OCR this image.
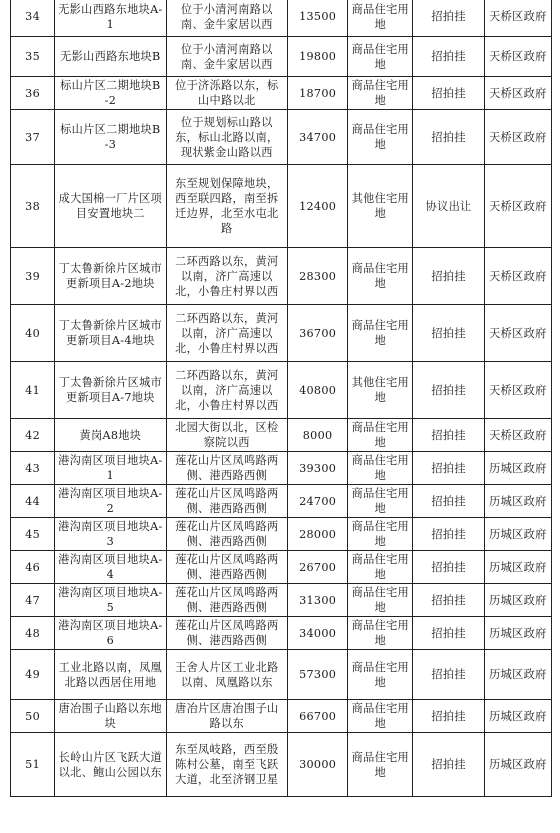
34	无影山西路东地块A-1	位于小清河南路以南、金牛家居以西	13500	商品住宅用地	招拍挂	天桥区政府
35	无影山西路东地块B	位于小清河南路以南、金牛家居以西	19800	商品住宅用地	招拍挂	天桥区政府
36	标山片区二期地块B-2	位于济泺路以东，标山中路以北	18700	商品住宅用地	招拍挂	天桥区政府
37	标山片区二期地块B-3	位于规划标山路以东，标山北路以南，现状紫金山路以西	34700	商品住宅用地	招拍挂	天桥区政府
38	成大国棉一厂片区项目安置地块二	东至规划保障地块，西至联四路，南至拆迁边界，北至水屯北路	12400	其他住宅用地	协议出让	天桥区政府
39	丁太鲁新徐片区城市更新项目A-2地块	二环西路以东，黄河以南，济广高速以北，小鲁庄村界以西	28300	商品住宅用地	招拍挂	天桥区政府
40	丁太鲁新徐片区城市更新项目A-4地块	二环西路以东，黄河以南，济广高速以北，小鲁庄村界以西	36700	商品住宅用地	招拍挂	天桥区政府
41	丁太鲁新徐片区城市更新项目A-7地块	二环西路以东，黄河以南，济广高速以北，小鲁庄村界以西	40800	其他住宅用地	招拍挂	天桥区政府
42	黄岗A8地块	北园大街以北，区检察院以西	8000	商品住宅用地	招拍挂	天桥区政府
43	港沟南区项目地块A-1	莲花山片区凤鸣路两侧、港西路西侧	39300	商品住宅用地	招拍挂	历城区政府
44	港沟南区项目地块A-2	莲花山片区凤鸣路两侧、港西路西侧	24700	商品住宅用地	招拍挂	历城区政府
45	港沟南区项目地块A-3	莲花山片区凤鸣路两侧、港西路西侧	28000	商品住宅用地	招拍挂	历城区政府
46	港沟南区项目地块A-4	莲花山片区凤鸣路两侧、港西路西侧	26700	商品住宅用地	招拍挂	历城区政府
47	港沟南区项目地块A-5	莲花山片区凤鸣路两侧、港西路西侧	31300	商品住宅用地	招拍挂	历城区政府
48	港沟南区项目地块A-6	莲花山片区凤鸣路两侧、港西路西侧	34000	商品住宅用地	招拍挂	历城区政府
49	工业北路以南，凤凰北路以西居住用地	王舍人片区工业北路以南、凤凰路以东	57300	商品住宅用地	招拍挂	历城区政府
50	唐冶围子山路以东地块	唐冶片区唐冶围子山路以东	66700	商品住宅用地	招拍挂	历城区政府
51	长岭山片区飞跃大道以北、鲍山公园以东	东至凤岐路，西至殷陈村公墓，南至飞跃大道，北至济钢卫星	30000	商品住宅用地	招拍挂	历城区政府
